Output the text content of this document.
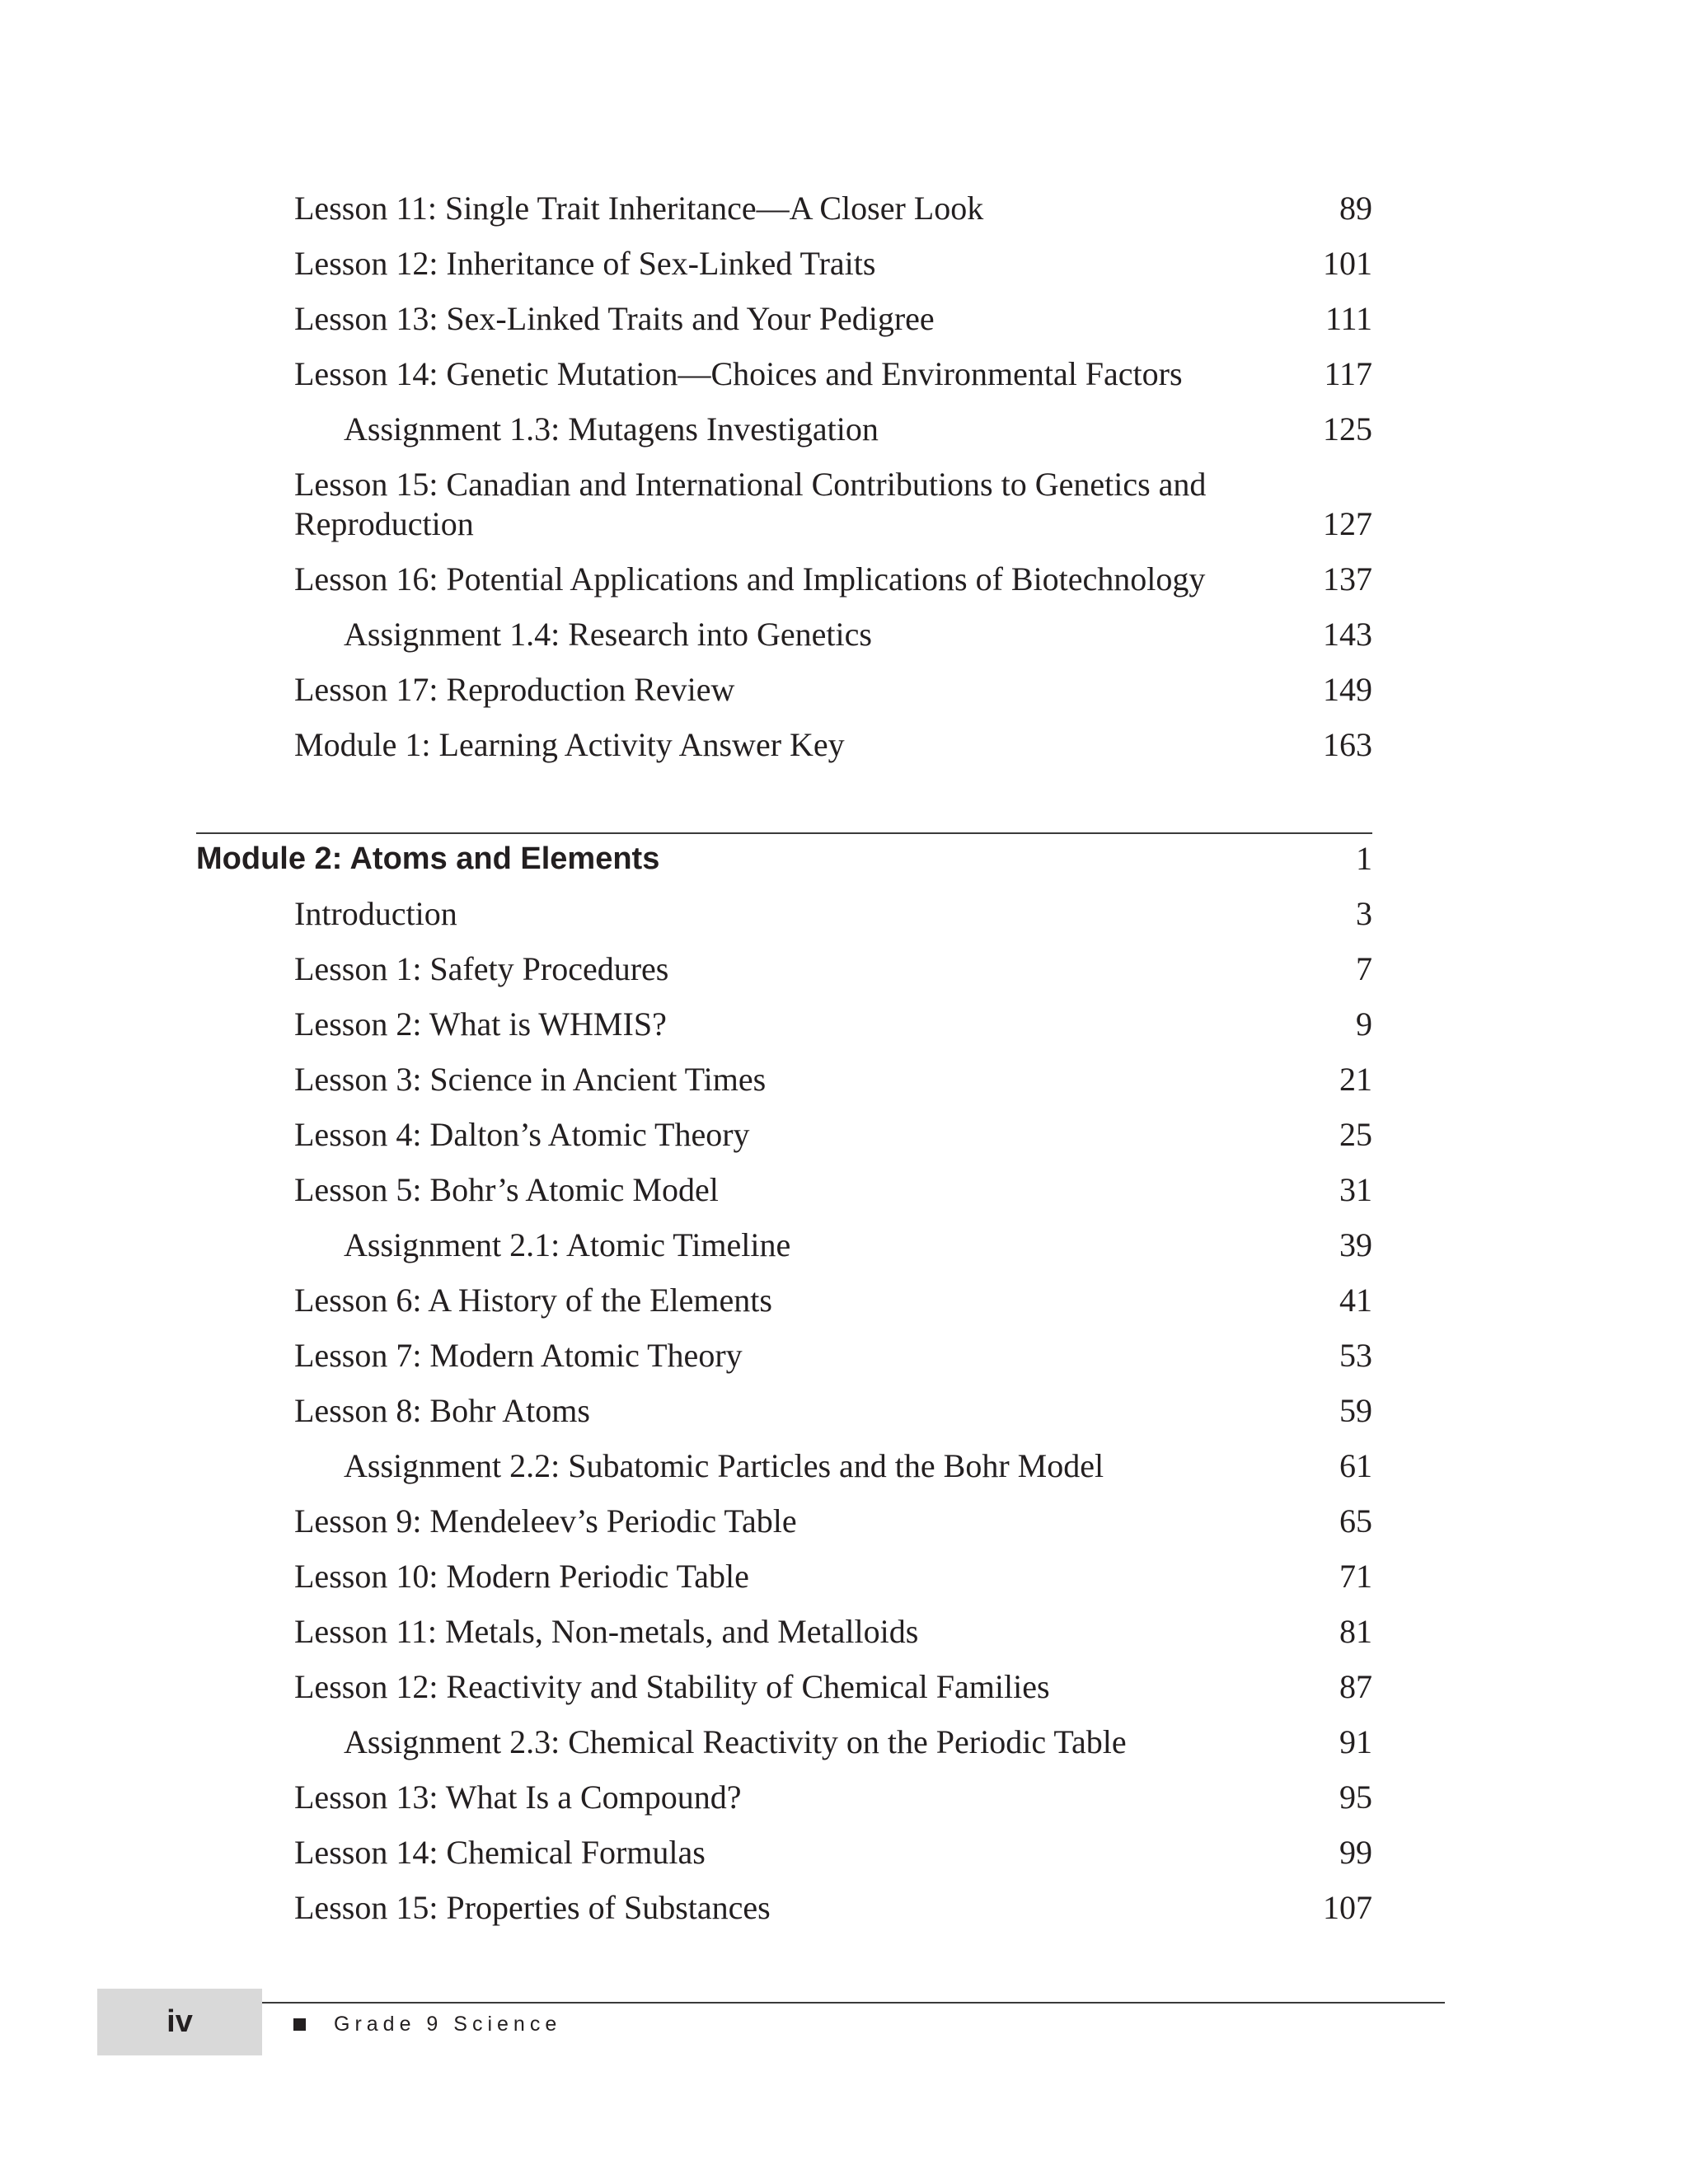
Lesson 11: Single Trait Inheritance—A Closer Look	89
Lesson 12: Inheritance of Sex-Linked Traits	101
Lesson 13: Sex-Linked Traits and Your Pedigree	111
Lesson 14: Genetic Mutation—Choices and Environmental Factors	117
Assignment 1.3: Mutagens Investigation	125
Lesson 15: Canadian and International Contributions to Genetics and Reproduction	127
Lesson 16: Potential Applications and Implications of Biotechnology	137
Assignment 1.4: Research into Genetics	143
Lesson 17: Reproduction Review	149
Module 1: Learning Activity Answer Key	163
Module 2: Atoms and Elements	1
Introduction	3
Lesson 1: Safety Procedures	7
Lesson 2: What is WHMIS?	9
Lesson 3: Science in Ancient Times	21
Lesson 4: Dalton’s Atomic Theory	25
Lesson 5: Bohr’s Atomic Model	31
Assignment 2.1: Atomic Timeline	39
Lesson 6: A History of the Elements	41
Lesson 7: Modern Atomic Theory	53
Lesson 8: Bohr Atoms	59
Assignment 2.2: Subatomic Particles and the Bohr Model	61
Lesson 9: Mendeleev’s Periodic Table	65
Lesson 10: Modern Periodic Table	71
Lesson 11: Metals, Non-metals, and Metalloids	81
Lesson 12: Reactivity and Stability of Chemical Families	87
Assignment 2.3: Chemical Reactivity on the Periodic Table	91
Lesson 13: What Is a Compound?	95
Lesson 14: Chemical Formulas	99
Lesson 15: Properties of Substances	107
iv	Grade 9 Science
